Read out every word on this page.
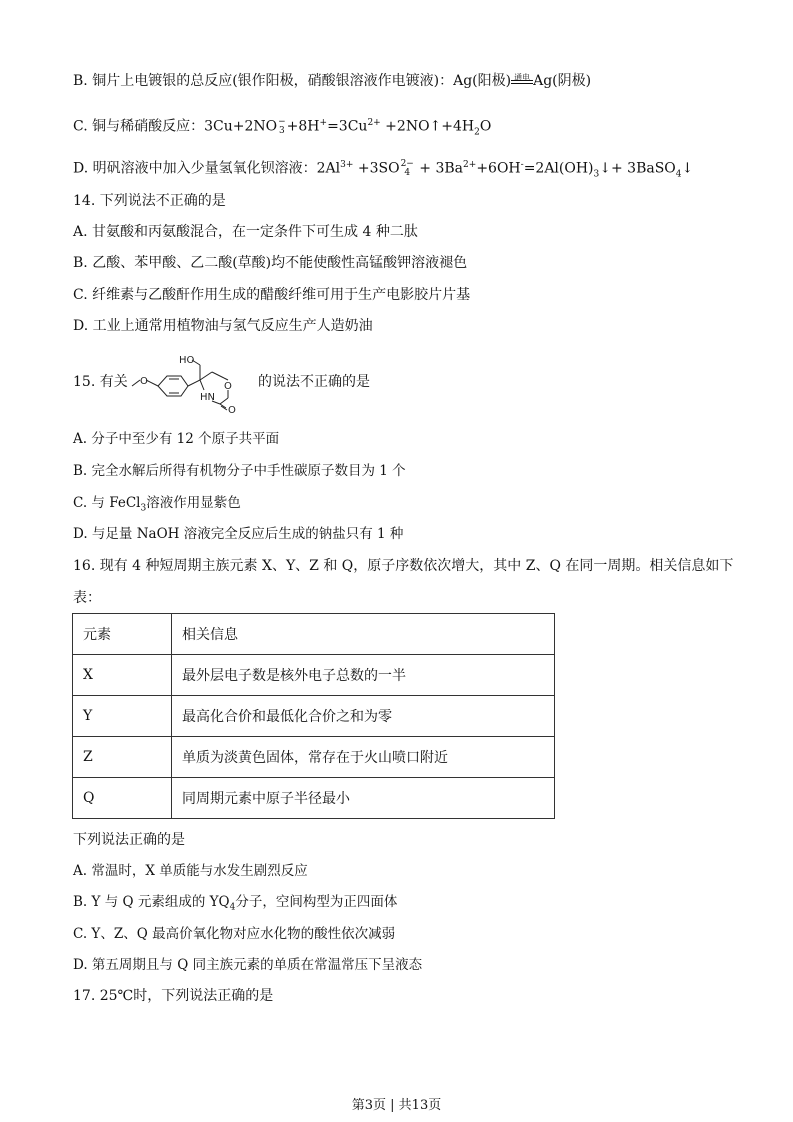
B. 铜片上电镀银的总反应(银作阳极，硝酸银溶液作电镀液)：Ag(阳极) 通电 Ag(阴极)
C. 铜与稀硝酸反应：3Cu+2NO −
$3 +8H^+=3Cu^{2+}$ $+2NO↑+4H_2O$
D. 明矾溶液中加入少量氢氧化钡溶液：$2Al^{3+} +3SO$ 2−
$4 + 3Ba^{2+}+6OH^-=2Al(OH)_3↓+$ 3BaSO$_4$↓
14. 下列说法不正确的是
A. 甘氨酸和丙氨酸混合，在一定条件下可生成 4 种二肽
B. 乙酸、苯甲酸、乙二酸(草酸)均不能使酸性高锰酸钾溶液褪色
C. 纤维素与乙酸酐作用生成的醋酸纤维可用于生产电影胶片片基
D. 工业上通常用植物油与氢气反应生产人造奶油
15. 有关 O
HO
O
HN
O
的说法不正确的是
A. 分子中至少有 12 个原子共平面
B. 完全水解后所得有机物分子中手性碳原子数目为 1 个
C. 与 FeCl$_3$溶液作用显紫色
D. 与足量 NaOH 溶液完全反应后生成的钠盐只有 1 种
16. 现有 4 种短周期主族元素 X、Y、Z 和 Q，原子序数依次增大，其中 Z、Q 在同一周期。相关信息如下
表：
元素	相关信息
X	最外层电子数是核外电子总数的一半
Y	最高化合价和最低化合价之和为零
Z	单质为淡黄色固体，常存在于火山喷口附近
Q	同周期元素中原子半径最小
下列说法正确的是
A. 常温时，X 单质能与水发生剧烈反应
B. Y 与 Q 元素组成的 $YQ_4$分子，空间构型为正四面体
C. Y、Z、Q 最高价氧化物对应水化物的酸性依次减弱
D. 第五周期且与 Q 同主族元素的单质在常温常压下呈液态
17. 25℃时，下列说法正确的是
第3页 | 共13页
